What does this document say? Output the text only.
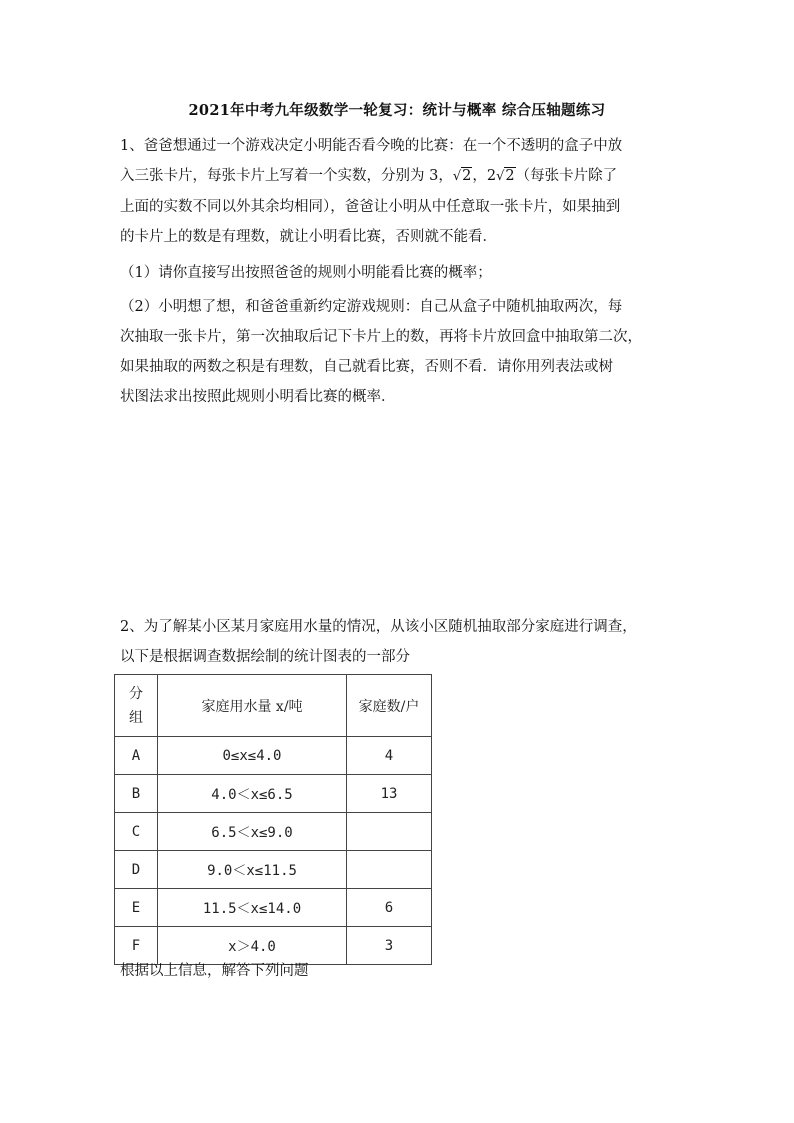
2021年中考九年级数学一轮复习：统计与概率 综合压轴题练习
1、爸爸想通过一个游戏决定小明能否看今晚的比赛：在一个不透明的盒子中放
入三张卡片，每张卡片上写着一个实数，分别为 3，√2，2√2（每张卡片除了
上面的实数不同以外其余均相同），爸爸让小明从中任意取一张卡片，如果抽到
的卡片上的数是有理数，就让小明看比赛，否则就不能看．
（1）请你直接写出按照爸爸的规则小明能看比赛的概率；
（2）小明想了想，和爸爸重新约定游戏规则：自己从盒子中随机抽取两次，每
次抽取一张卡片，第一次抽取后记下卡片上的数，再将卡片放回盒中抽取第二次，
如果抽取的两数之积是有理数，自己就看比赛，否则不看．请你用列表法或树
状图法求出按照此规则小明看比赛的概率．
2、为了解某小区某月家庭用水量的情况，从该小区随机抽取部分家庭进行调查，
以下是根据调查数据绘制的统计图表的一部分
分
组	家庭用水量 x/吨	家庭数/户
A	0≤x≤4.0	4
B	4.0＜x≤6.5	13
C	6.5＜x≤9.0	
D	9.0＜x≤11.5	
E	11.5＜x≤14.0	6
F	x＞4.0	3
根据以上信息，解答下列问题
